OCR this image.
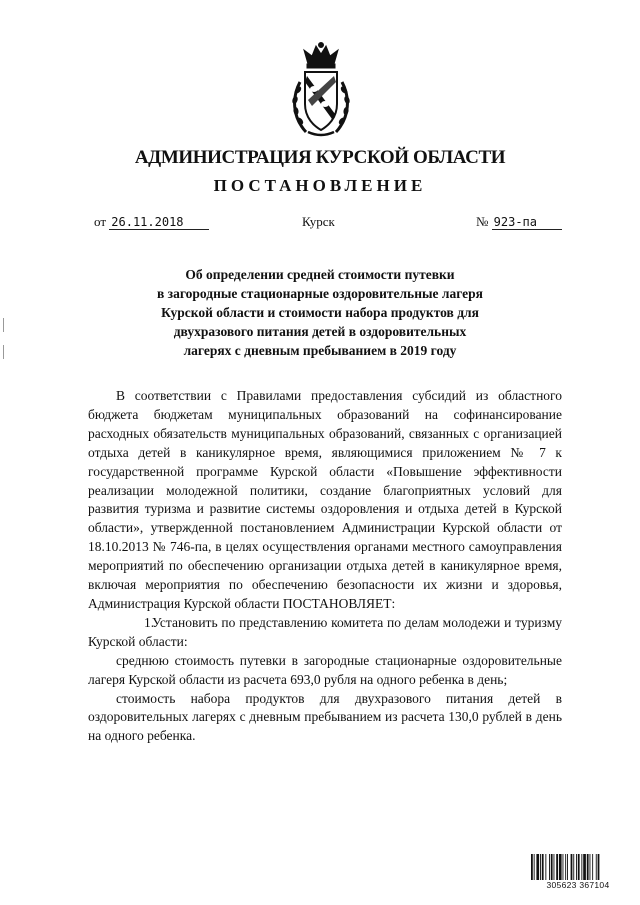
АДМИНИСТРАЦИЯ КУРСКОЙ ОБЛАСТИ
ПОСТАНОВЛЕНИЕ
от 26.11.2018	Курск	№ 923-па
Об определении средней стоимости путевки
в загородные стационарные оздоровительные лагеря
Курской области и стоимости набора продуктов для
двухразового питания детей в оздоровительных
лагерях с дневным пребыванием в 2019 году

В соответствии с Правилами предоставления субсидий из областного бюджета бюджетам муниципальных образований на софинансирование расходных обязательств муниципальных образований, связанных с организацией отдыха детей в каникулярное время, являющимися приложением № 7 к государственной программе Курской области «Повышение эффективности реализации молодежной политики, создание благоприятных условий для развития туризма и развитие системы оздоровления и отдыха детей в Курской области», утвержденной постановлением Администрации Курской области от 18.10.2013 № 746-па, в целях осуществления органами местного самоуправления мероприятий по обеспечению организации отдыха детей в каникулярное время, включая мероприятия по обеспечению безопасности их жизни и здоровья, Администрация Курской области ПОСТАНОВЛЯЕТ:

1.Установить по представлению комитета по делам молодежи и туризму Курской области:

среднюю стоимость путевки в загородные стационарные оздоровительные лагеря Курской области из расчета 693,0 рубля на одного ребенка в день;

стоимость набора продуктов для двухразового питания детей в оздоровительных лагерях с дневным пребыванием из расчета 130,0 рублей в день на одного ребенка.

305623 367104
